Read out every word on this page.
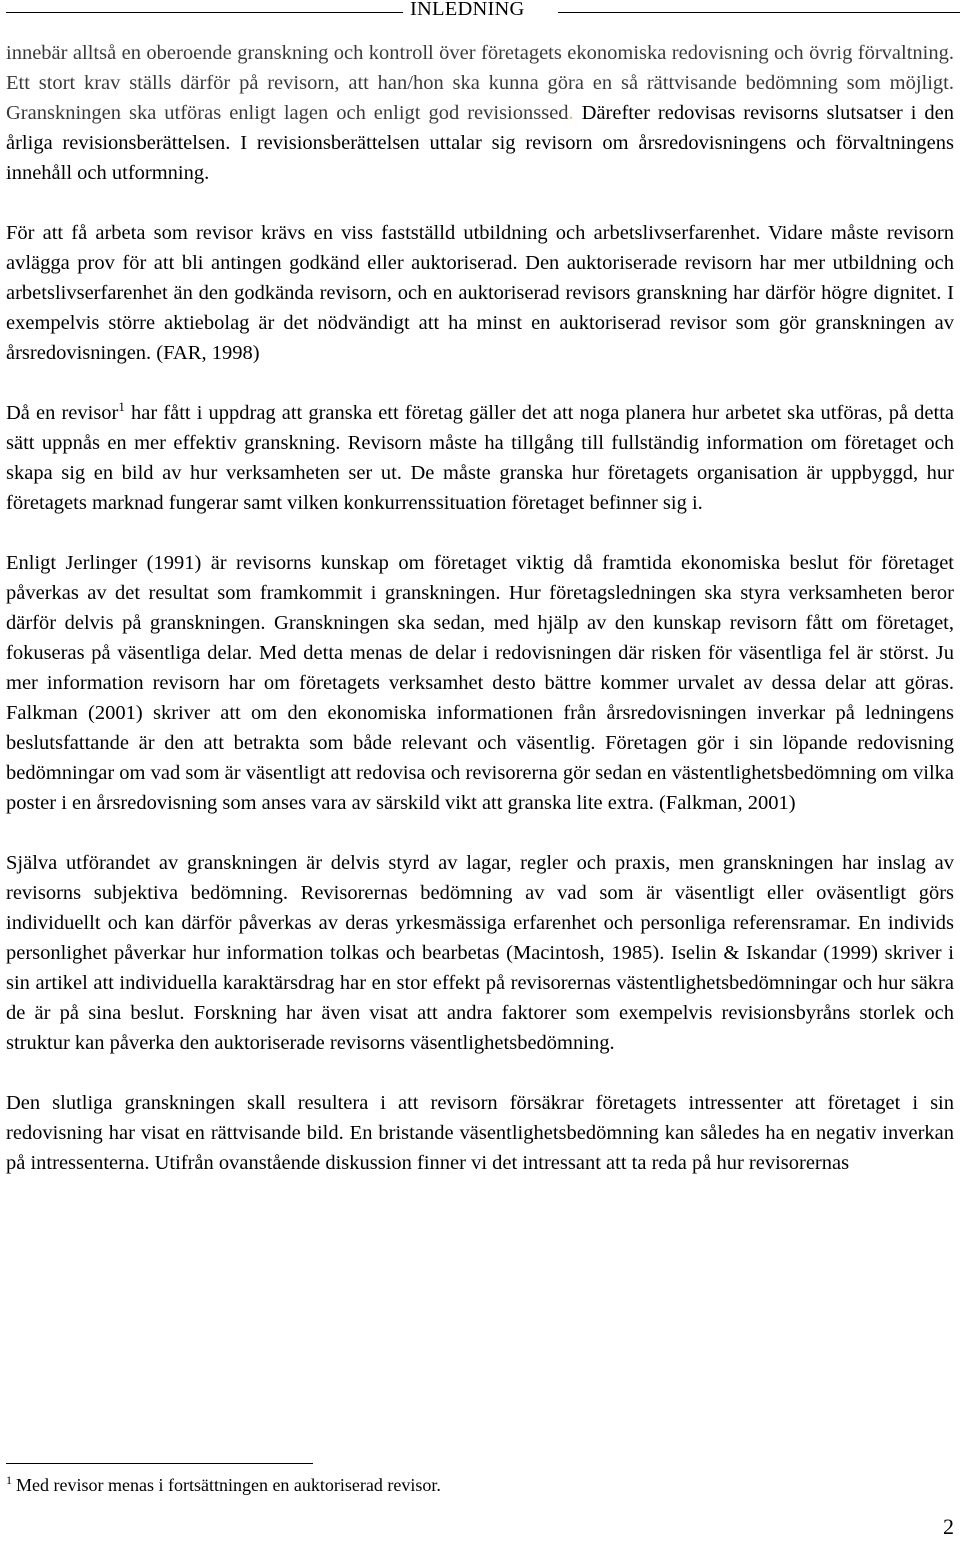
INLEDNING

innebär alltså en oberoende granskning och kontroll över företagets ekonomiska redovisning och övrig förvaltning. Ett stort krav ställs därför på revisorn, att han/hon ska kunna göra en så rättvisande bedömning som möjligt. Granskningen ska utföras enligt lagen och enligt god revisionssed. Därefter redovisas revisorns slutsatser i den årliga revisionsberättelsen. I revisionsberättelsen uttalar sig revisorn om årsredovisningens och förvaltningens innehåll och utformning.

För att få arbeta som revisor krävs en viss fastställd utbildning och arbetslivserfarenhet. Vidare måste revisorn avlägga prov för att bli antingen godkänd eller auktoriserad. Den auktoriserade revisorn har mer utbildning och arbetslivserfarenhet än den godkända revisorn, och en auktoriserad revisors granskning har därför högre dignitet. I exempelvis större aktiebolag är det nödvändigt att ha minst en auktoriserad revisor som gör granskningen av årsredovisningen. (FAR, 1998)

Då en revisor$^1$ har fått i uppdrag att granska ett företag gäller det att noga planera hur arbetet ska utföras, på detta sätt uppnås en mer effektiv granskning. Revisorn måste ha tillgång till fullständig information om företaget och skapa sig en bild av hur verksamheten ser ut. De måste granska hur företagets organisation är uppbyggd, hur företagets marknad fungerar samt vilken konkurrenssituation företaget befinner sig i.

Enligt Jerlinger (1991) är revisorns kunskap om företaget viktig då framtida ekonomiska beslut för företaget påverkas av det resultat som framkommit i granskningen. Hur företagsledningen ska styra verksamheten beror därför delvis på granskningen. Granskningen ska sedan, med hjälp av den kunskap revisorn fått om företaget, fokuseras på väsentliga delar. Med detta menas de delar i redovisningen där risken för väsentliga fel är störst. Ju mer information revisorn har om företagets verksamhet desto bättre kommer urvalet av dessa delar att göras. Falkman (2001) skriver att om den ekonomiska informationen från årsredovisningen inverkar på ledningens beslutsfattande är den att betrakta som både relevant och väsentlig. Företagen gör i sin löpande redovisning bedömningar om vad som är väsentligt att redovisa och revisorerna gör sedan en västentlighetsbedömning om vilka poster i en årsredovisning som anses vara av särskild vikt att granska lite extra. (Falkman, 2001)

Själva utförandet av granskningen är delvis styrd av lagar, regler och praxis, men granskningen har inslag av revisorns subjektiva bedömning. Revisorernas bedömning av vad som är väsentligt eller oväsentligt görs individuellt och kan därför påverkas av deras yrkesmässiga erfarenhet och personliga referensramar. En individs personlighet påverkar hur information tolkas och bearbetas (Macintosh, 1985). Iselin & Iskandar (1999) skriver i sin artikel att individuella karaktärsdrag har en stor effekt på revisorernas västentlighetsbedömningar och hur säkra de är på sina beslut. Forskning har även visat att andra faktorer som exempelvis revisionsbyråns storlek och struktur kan påverka den auktoriserade revisorns väsentlighetsbedömning.

Den slutliga granskningen skall resultera i att revisorn försäkrar företagets intressenter att företaget i sin redovisning har visat en rättvisande bild. En bristande väsentlighetsbedömning kan således ha en negativ inverkan på intressenterna. Utifrån ovanstående diskussion finner vi det intressant att ta reda på hur revisorernas

$^1$ Med revisor menas i fortsättningen en auktoriserad revisor.
2
